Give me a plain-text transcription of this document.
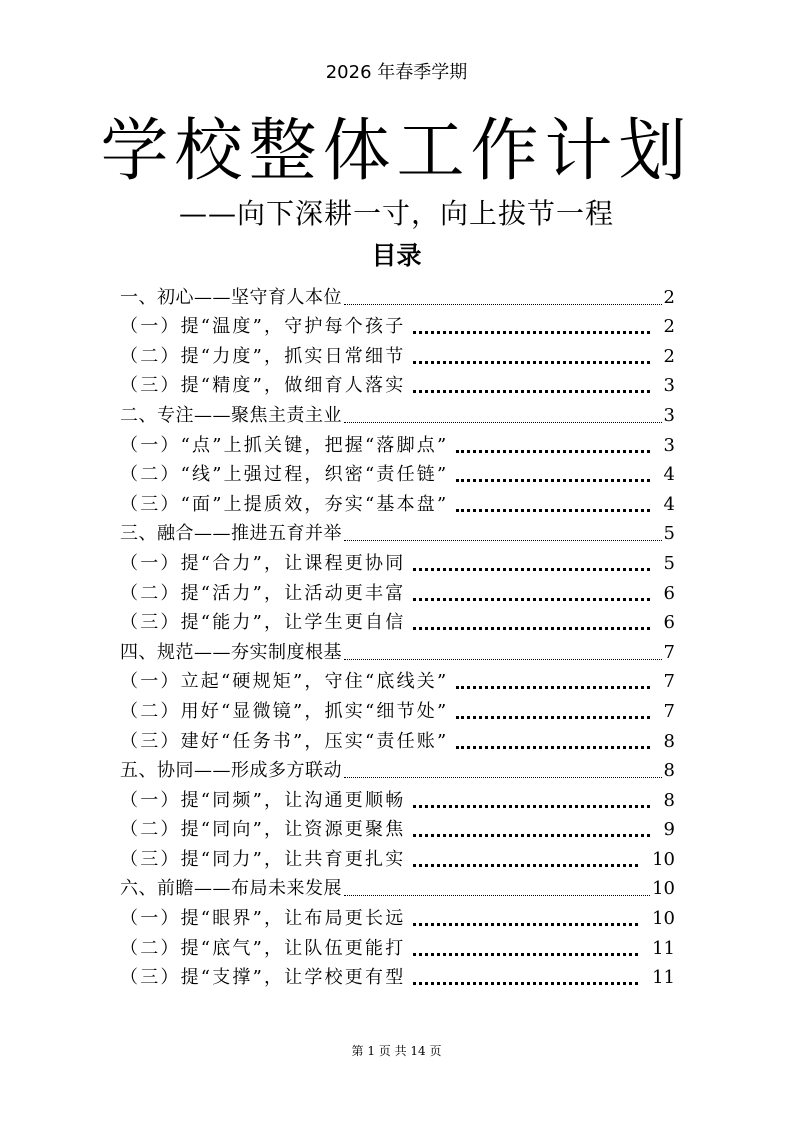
2026 年春季学期
学校整体工作计划
——向下深耕一寸，向上拔节一程
目录
一、初心——坚守育人本位	2
（一）提“温度”，守护每个孩子	2
（二）提“力度”，抓实日常细节	2
（三）提“精度”，做细育人落实	3
二、专注——聚焦主责主业	3
（一）“点”上抓关键，把握“落脚点”	3
（二）“线”上强过程，织密“责任链”	4
（三）“面”上提质效，夯实“基本盘”	4
三、融合——推进五育并举	5
（一）提“合力”，让课程更协同	5
（二）提“活力”，让活动更丰富	6
（三）提“能力”，让学生更自信	6
四、规范——夯实制度根基	7
（一）立起“硬规矩”，守住“底线关”	7
（二）用好“显微镜”，抓实“细节处”	7
（三）建好“任务书”，压实“责任账”	8
五、协同——形成多方联动	8
（一）提“同频”，让沟通更顺畅	8
（二）提“同向”，让资源更聚焦	9
（三）提“同力”，让共育更扎实	10
六、前瞻——布局未来发展	10
（一）提“眼界”，让布局更长远	10
（二）提“底气”，让队伍更能打	11
（三）提“支撑”，让学校更有型	11
第 1 页 共 14 页
